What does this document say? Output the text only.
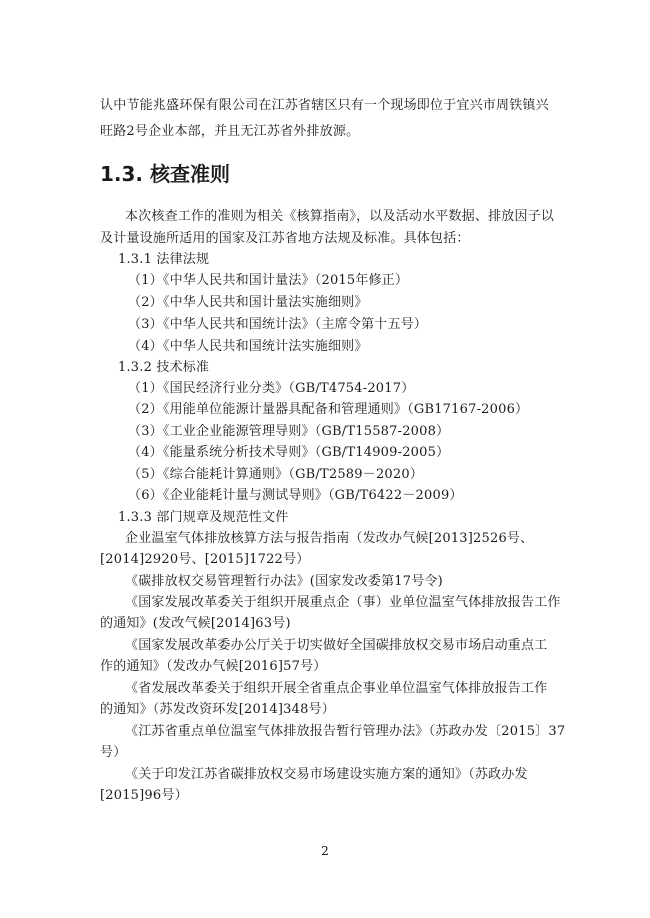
认中节能兆盛环保有限公司在江苏省辖区只有一个现场即位于宜兴市周铁镇兴
旺路2号企业本部，并且无江苏省外排放源。
1.3. 核查准则
本次核查工作的准则为相关《核算指南》，以及活动水平数据、排放因子以
及计量设施所适用的国家及江苏省地方法规及标准。具体包括：
1.3.1 法律法规
（1）《中华人民共和国计量法》（2015年修正）
（2）《中华人民共和国计量法实施细则》
（3）《中华人民共和国统计法》（主席令第十五号）
（4）《中华人民共和国统计法实施细则》
1.3.2 技术标准
（1）《国民经济行业分类》（GB/T4754-2017）
（2）《用能单位能源计量器具配备和管理通则》（GB17167-2006）
（3）《工业企业能源管理导则》（GB/T15587-2008）
（4）《能量系统分析技术导则》（GB/T14909-2005）
（5）《综合能耗计算通则》（GB/T2589－2020）
（6）《企业能耗计量与测试导则》（GB/T6422－2009）
1.3.3 部门规章及规范性文件
企业温室气体排放核算方法与报告指南（发改办气候[2013]2526号、
[2014]2920号、[2015]1722号）
《碳排放权交易管理暂行办法》(国家发改委第17号令)
《国家发展改革委关于组织开展重点企（事）业单位温室气体排放报告工作
的通知》(发改气候[2014]63号)
《国家发展改革委办公厅关于切实做好全国碳排放权交易市场启动重点工
作的通知》（发改办气候[2016]57号）
《省发展改革委关于组织开展全省重点企事业单位温室气体排放报告工作
的通知》（苏发改资环发[2014]348号）
《江苏省重点单位温室气体排放报告暂行管理办法》（苏政办发〔2015〕37
号）
《关于印发江苏省碳排放权交易市场建设实施方案的通知》（苏政办发
[2015]96号）
2
